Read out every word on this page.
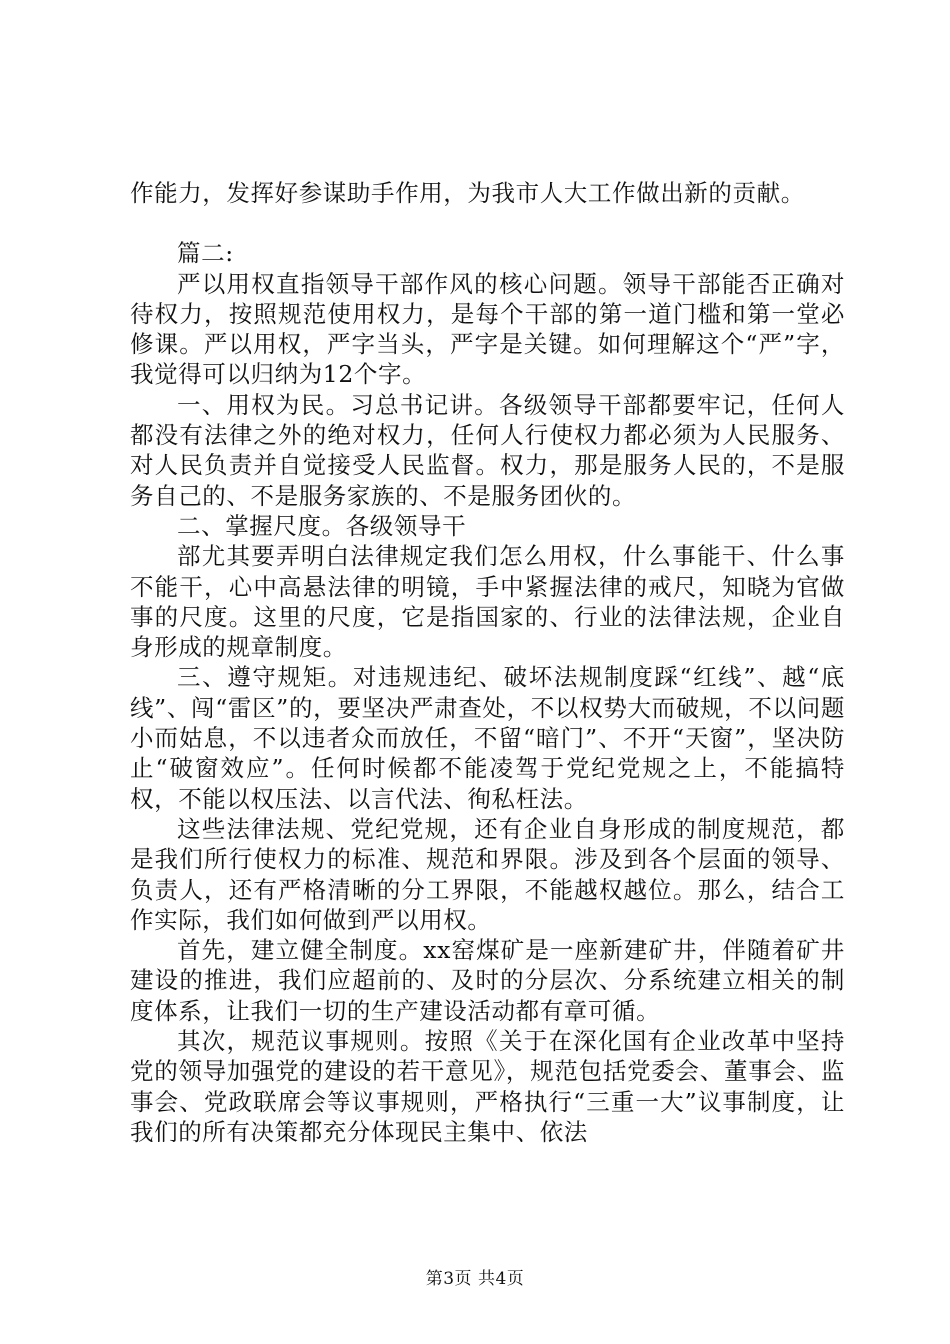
作能力，发挥好参谋助手作用，为我市人大工作做出新的贡献。

篇二:

严以用权直指领导干部作风的核心问题。领导干部能否正确对待权力，按照规范使用权力，是每个干部的第一道门槛和第一堂必修课。严以用权，严字当头，严字是关键。如何理解这个“严”字，我觉得可以归纳为12个字。

一、用权为民。习总书记讲。各级领导干部都要牢记，任何人都没有法律之外的绝对权力，任何人行使权力都必须为人民服务、对人民负责并自觉接受人民监督。权力，那是服务人民的，不是服务自己的、不是服务家族的、不是服务团伙的。

二、掌握尺度。各级领导干

部尤其要弄明白法律规定我们怎么用权，什么事能干、什么事不能干，心中高悬法律的明镜，手中紧握法律的戒尺，知晓为官做事的尺度。这里的尺度，它是指国家的、行业的法律法规，企业自身形成的规章制度。

三、遵守规矩。对违规违纪、破坏法规制度踩“红线”、越“底线”、闯“雷区”的，要坚决严肃查处，不以权势大而破规，不以问题小而姑息，不以违者众而放任，不留“暗门”、不开“天窗”，坚决防止“破窗效应”。任何时候都不能凌驾于党纪党规之上，不能搞特权，不能以权压法、以言代法、徇私枉法。

这些法律法规、党纪党规，还有企业自身形成的制度规范，都是我们所行使权力的标准、规范和界限。涉及到各个层面的领导、负责人，还有严格清晰的分工界限，不能越权越位。那么，结合工作实际，我们如何做到严以用权。

首先，建立健全制度。xx窑煤矿是一座新建矿井，伴随着矿井建设的推进，我们应超前的、及时的分层次、分系统建立相关的制度体系，让我们一切的生产建设活动都有章可循。

其次，规范议事规则。按照《关于在深化国有企业改革中坚持党的领导加强党的建设的若干意见》，规范包括党委会、董事会、监事会、党政联席会等议事规则，严格执行“三重一大”议事制度，让我们的所有决策都充分体现民主集中、依法

第3页 共4页
